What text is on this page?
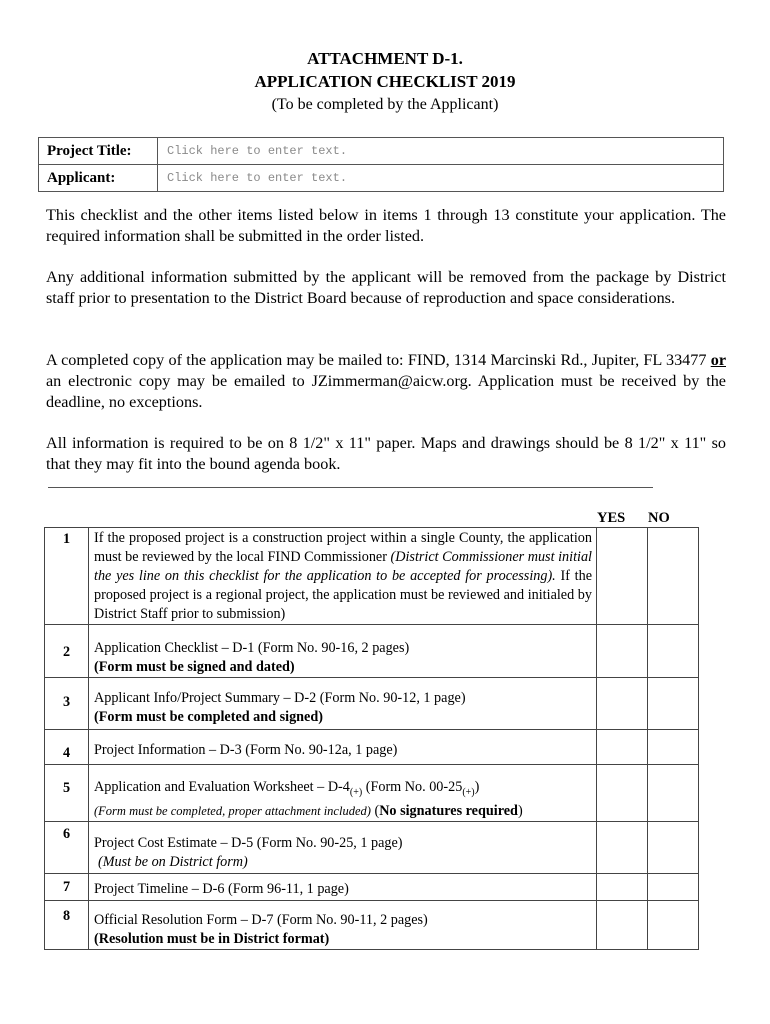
ATTACHMENT D-1.
APPLICATION CHECKLIST 2019
(To be completed by the Applicant)
Project Title:	Click here to enter text.
Applicant:	Click here to enter text.
This checklist and the other items listed below in items 1 through 13 constitute your application. The required information shall be submitted in the order listed.
Any additional information submitted by the applicant will be removed from the package by District staff prior to presentation to the District Board because of reproduction and space considerations.
A completed copy of the application may be mailed to: FIND, 1314 Marcinski Rd., Jupiter, FL 33477 or an electronic copy may be emailed to JZimmerman@aicw.org. Application must be received by the deadline, no exceptions.
All information is required to be on 8 1/2" x 11" paper. Maps and drawings should be 8 1/2" x 11" so that they may fit into the bound agenda book.
YES NO
1	If the proposed project is a construction project within a single County, the application must be reviewed by the local FIND Commissioner (District Commissioner must initial the yes line on this checklist for the application to be accepted for processing). If the proposed project is a regional project, the application must be reviewed and initialed by District Staff prior to submission)		
2	Application Checklist – D-1 (Form No. 90-16, 2 pages)
(Form must be signed and dated)		

3	Applicant Info/Project Summary – D-2 (Form No. 90-12, 1 page)
(Form must be completed and signed)		

4	Project Information – D-3 (Form No. 90-12a, 1 page)		

5	Application and Evaluation Worksheet – $D-4_{(+)}$ (Form No. $00-25_{(+)}$)
(Form must be completed, proper attachment included) (No signatures required)		

6	Project Cost Estimate – D-5 (Form No. 90-25, 1 page)
(Must be on District form)		

7	Project Timeline – D-6 (Form 96-11, 1 page)		

8	Official Resolution Form – D-7 (Form No. 90-11, 2 pages)
(Resolution must be in District format)		
